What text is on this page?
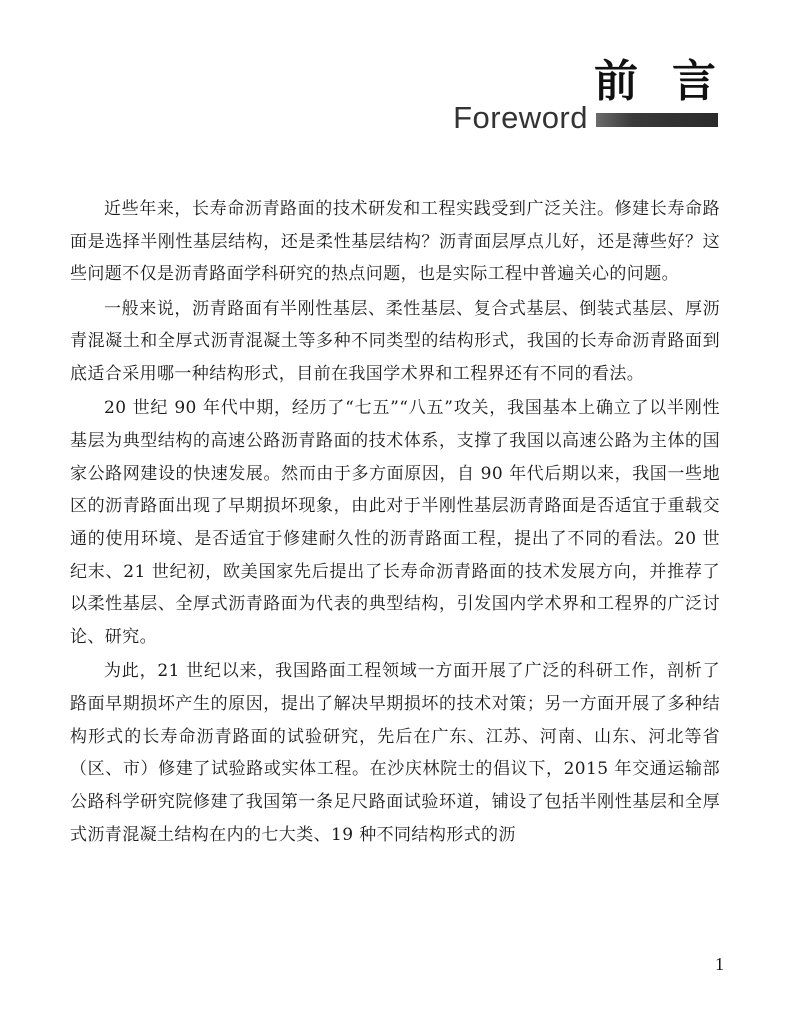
前言
Foreword

近些年来，长寿命沥青路面的技术研发和工程实践受到广泛关注。修建长寿命路面是选择半刚性基层结构，还是柔性基层结构？沥青面层厚点儿好，还是薄些好？这些问题不仅是沥青路面学科研究的热点问题，也是实际工程中普遍关心的问题。

一般来说，沥青路面有半刚性基层、柔性基层、复合式基层、倒装式基层、厚沥青混凝土和全厚式沥青混凝土等多种不同类型的结构形式，我国的长寿命沥青路面到底适合采用哪一种结构形式，目前在我国学术界和工程界还有不同的看法。

20 世纪 90 年代中期，经历了“七五”“八五”攻关，我国基本上确立了以半刚性基层为典型结构的高速公路沥青路面的技术体系，支撑了我国以高速公路为主体的国家公路网建设的快速发展。然而由于多方面原因，自 90 年代后期以来，我国一些地区的沥青路面出现了早期损坏现象，由此对于半刚性基层沥青路面是否适宜于重载交通的使用环境、是否适宜于修建耐久性的沥青路面工程，提出了不同的看法。20 世纪末、21 世纪初，欧美国家先后提出了长寿命沥青路面的技术发展方向，并推荐了以柔性基层、全厚式沥青路面为代表的典型结构，引发国内学术界和工程界的广泛讨论、研究。

为此，21 世纪以来，我国路面工程领域一方面开展了广泛的科研工作，剖析了路面早期损坏产生的原因，提出了解决早期损坏的技术对策；另一方面开展了多种结构形式的长寿命沥青路面的试验研究，先后在广东、江苏、河南、山东、河北等省（区、市）修建了试验路或实体工程。在沙庆林院士的倡议下，2015 年交通运输部公路科学研究院修建了我国第一条足尺路面试验环道，铺设了包括半刚性基层和全厚式沥青混凝土结构在内的七大类、19 种不同结构形式的沥

1
